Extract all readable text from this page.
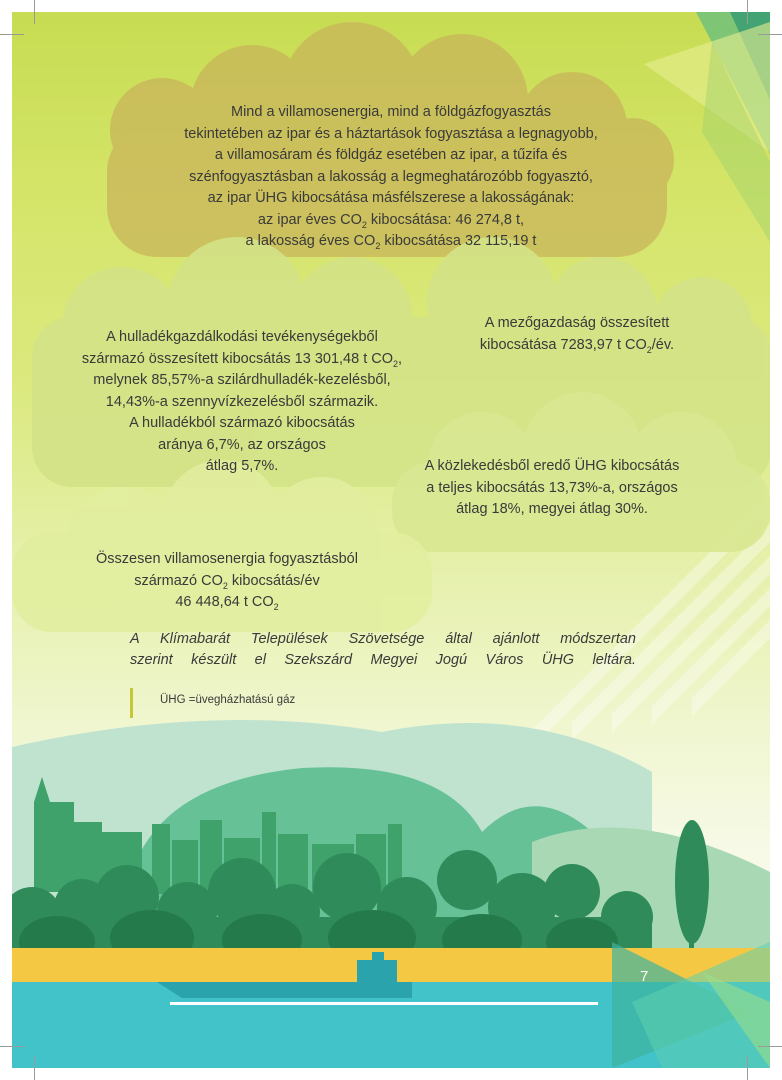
Mind a villamosenergia, mind a földgázfogyasztás
tekintetében az ipar és a háztartások fogyasztása a legnagyobb,
a villamosáram és földgáz esetében az ipar, a tűzifa és
szénfogyasztásban a lakosság a legmeghatározóbb fogyasztó,
az ipar ÜHG kibocsátása másfélszerese a lakosságának:
az ipar éves $CO_2$ kibocsátása: 46 274,8 t,
a lakosság éves $CO_2$ kibocsátása 32 115,19 t
A hulladékgazdálkodási tevékenységekből
származó összesített kibocsátás 13 301,48 t $CO_2$,
melynek 85,57%-a szilárdhulladék-kezelésből,
14,43%-a szennyvízkezelésből származik.
A hulladékból származó kibocsátás
aránya 6,7%, az országos
átlag 5,7%.
A mezőgazdaság összesített
kibocsátása 7283,97 t $CO_2/év$.
A közlekedésből eredő ÜHG kibocsátás
a teljes kibocsátás 13,73%-a, országos
átlag 18%, megyei átlag 30%.
Összesen villamosenergia fogyasztásból
származó $CO_2$ kibocsátás/év
46 448,64 t $CO_2$
A Klímabarát Települések Szövetsége által ajánlott módszertan
szerint készült el Szekszárd Megyei Jogú Város ÜHG leltára.
ÜHG =üvegházhatású gáz
7
